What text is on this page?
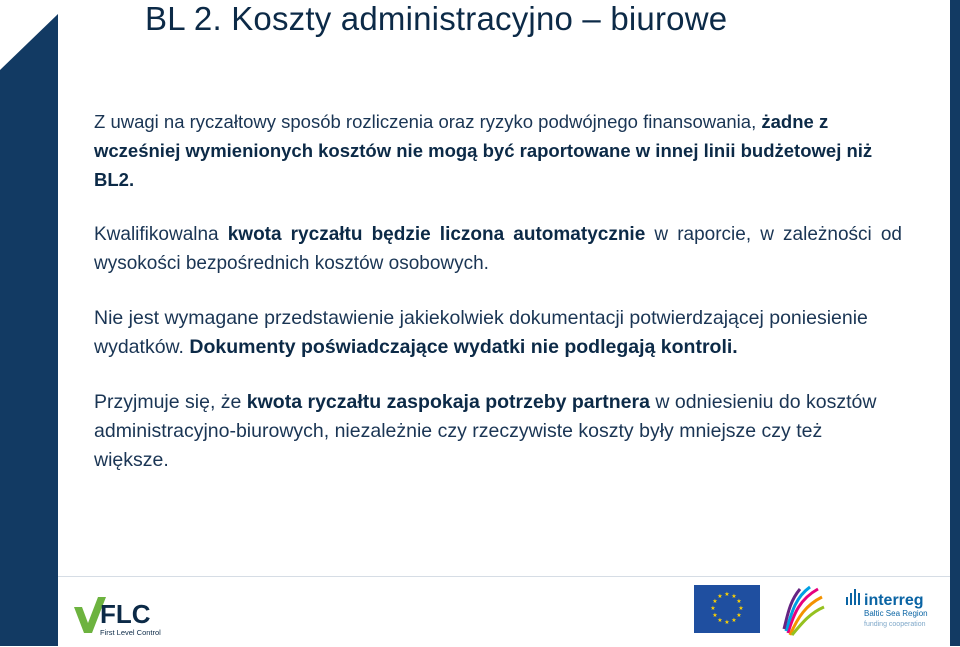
BL 2. Koszty administracyjno – biurowe

Z uwagi na ryczałtowy sposób rozliczenia oraz ryzyko podwójnego finansowania, żadne z wcześniej wymienionych kosztów nie mogą być raportowane w innej linii budżetowej niż BL2.

Kwalifikowalna kwota ryczałtu będzie liczona automatycznie w raporcie, w zależności od wysokości bezpośrednich kosztów osobowych.

Nie jest wymagane przedstawienie jakiekolwiek dokumentacji potwierdzającej poniesienie wydatków. Dokumenty poświadczające wydatki nie podlegają kontroli.

Przyjmuje się, że kwota ryczałtu zaspokaja potrzeby partnera w odniesieniu do kosztów administracyjno-biurowych, niezależnie czy rzeczywiste koszty były mniejsze czy też większe.

FLC
First Level Control
★ ★
★
★
★
★
★
★
★
★
★
★	interreg
Baltic Sea Region
funding cooperation
